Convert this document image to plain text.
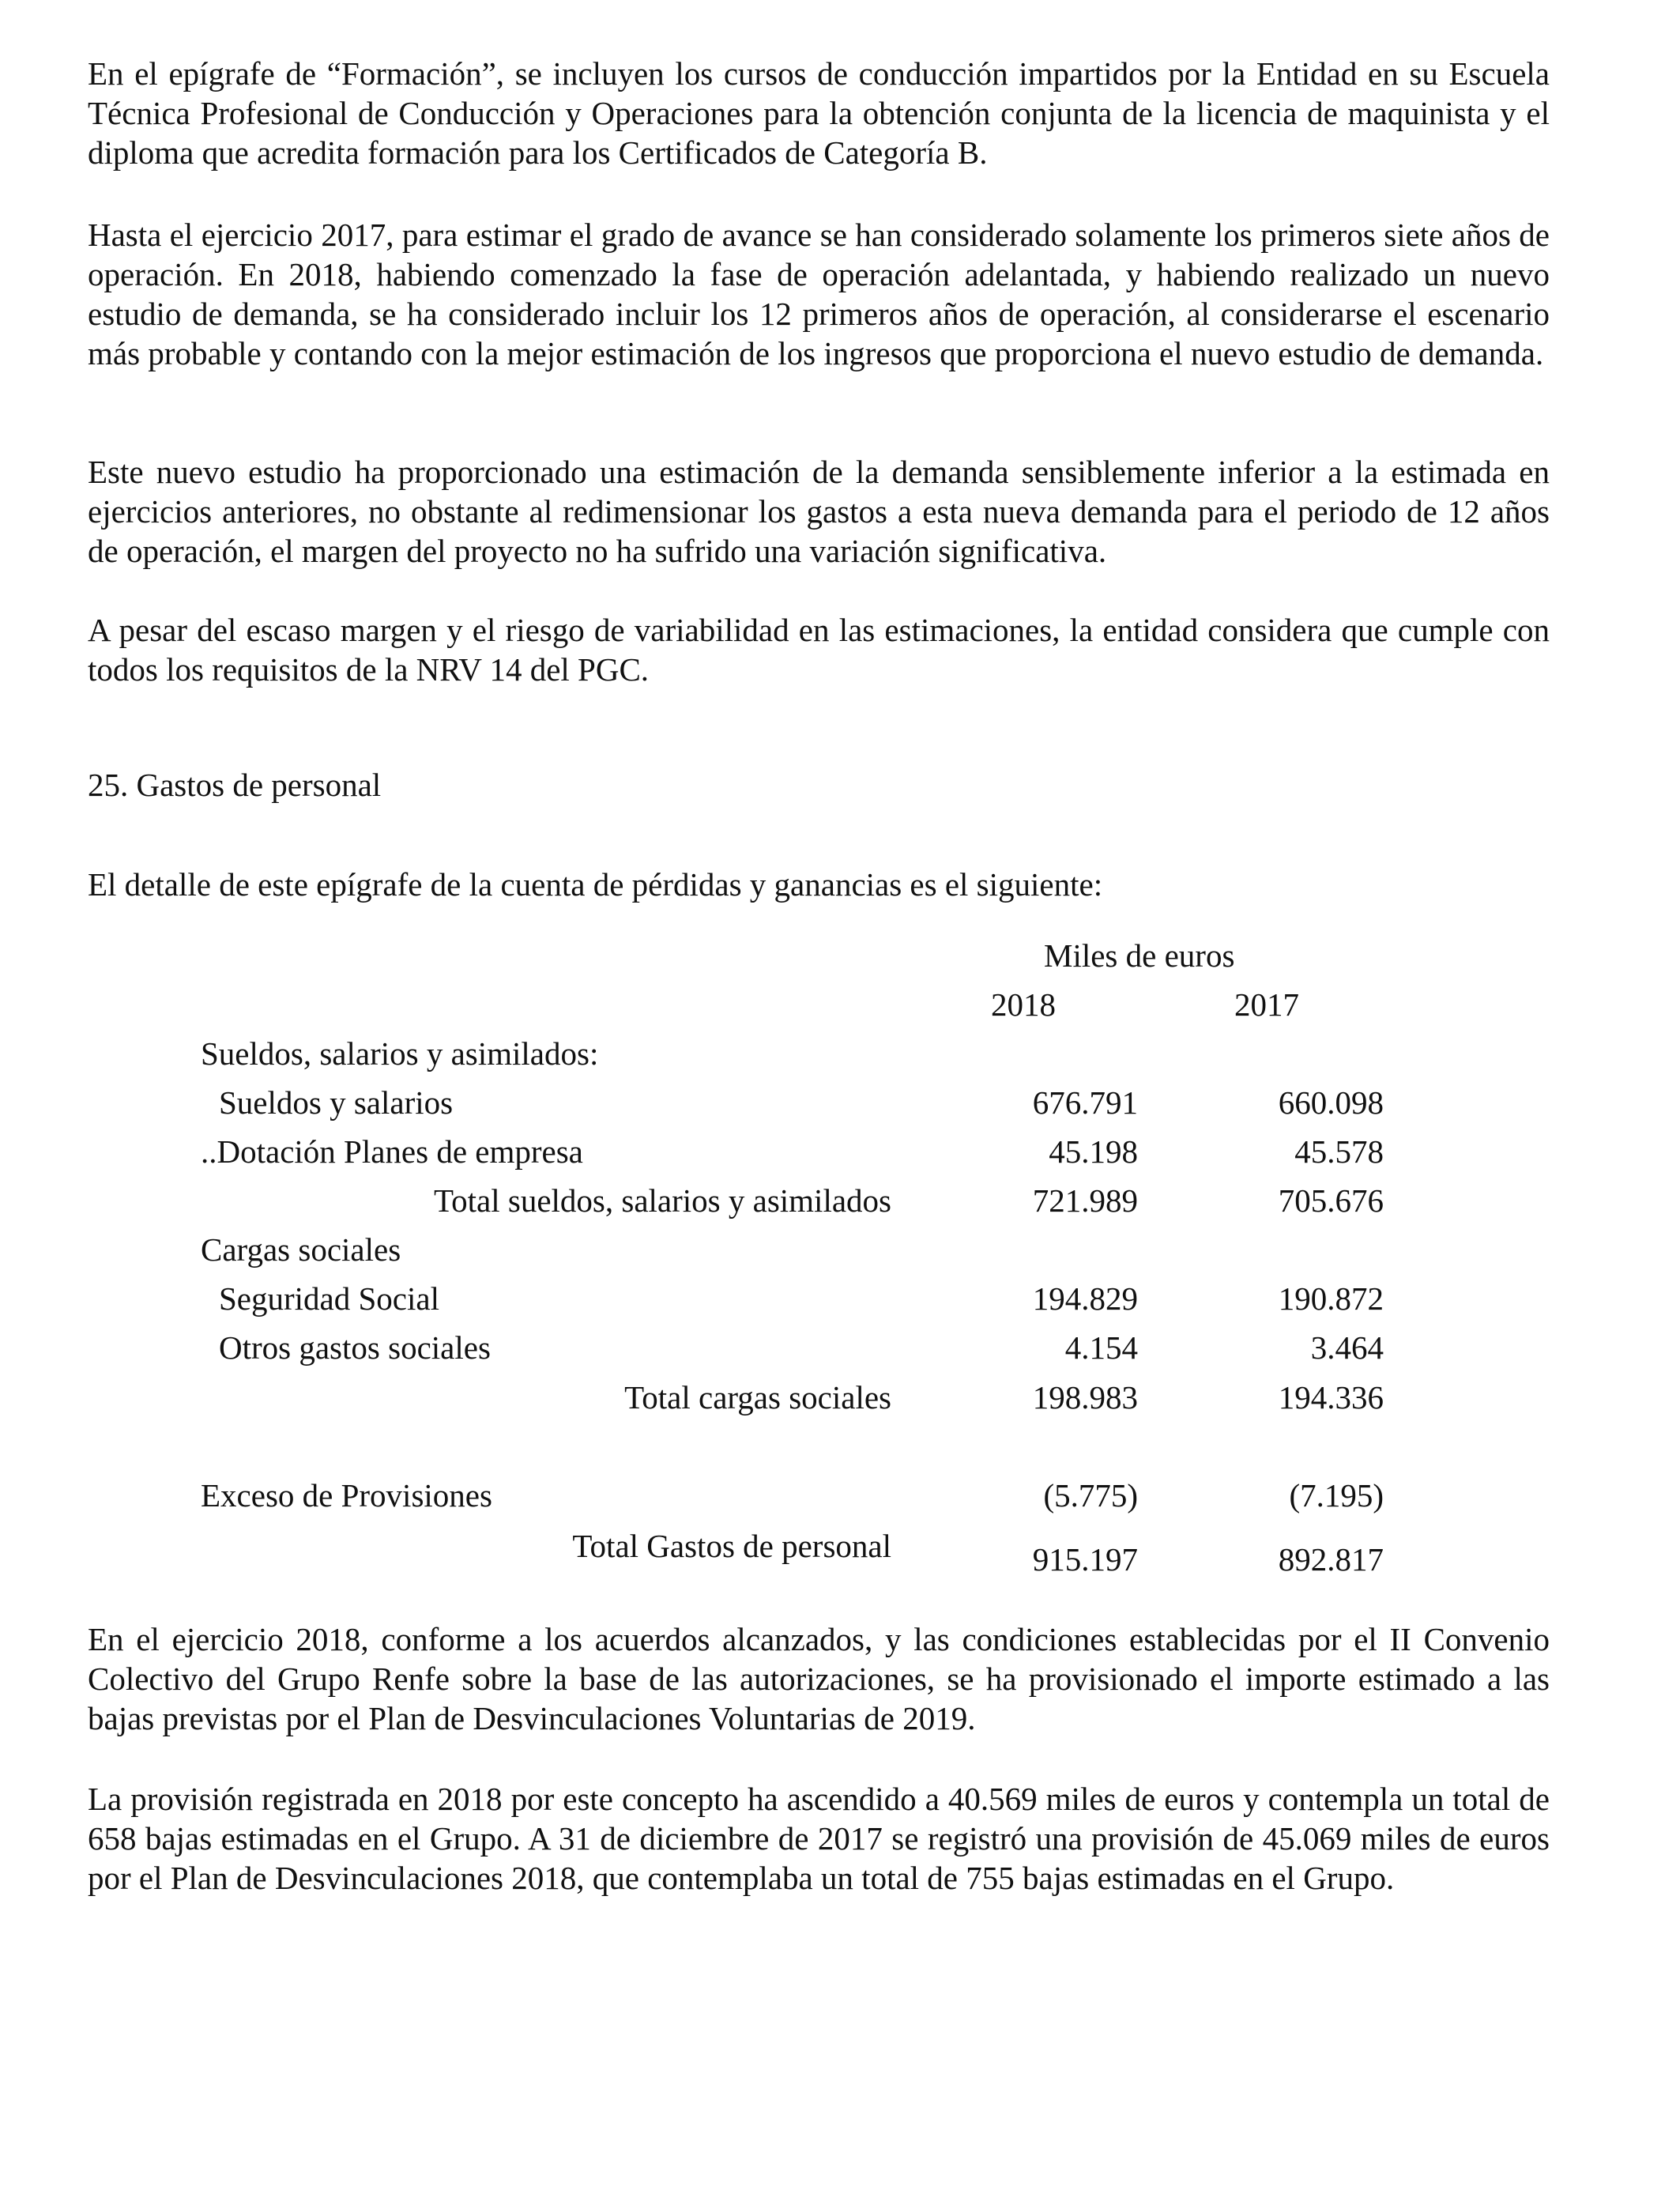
En el epígrafe de “Formación”, se incluyen los cursos de conducción impartidos por la Entidad en su Escuela Técnica Profesional de Conducción y Operaciones para la obtención conjunta de la licencia de maquinista y el diploma que acredita formación para los Certificados de Categoría B.

Hasta el ejercicio 2017, para estimar el grado de avance se han considerado solamente los primeros siete años de operación. En 2018, habiendo comenzado la fase de operación adelantada, y habiendo realizado un nuevo estudio de demanda, se ha considerado incluir los 12 primeros años de operación, al considerarse el escenario más probable y contando con la mejor estimación de los ingresos que proporciona el nuevo estudio de demanda.

Este nuevo estudio ha proporcionado una estimación de la demanda sensiblemente inferior a la estimada en ejercicios anteriores, no obstante al redimensionar los gastos a esta nueva demanda para el periodo de 12 años de operación, el margen del proyecto no ha sufrido una variación significativa.

A pesar del escaso margen y el riesgo de variabilidad en las estimaciones, la entidad considera que cumple con todos los requisitos de la NRV 14 del PGC.

25. Gastos de personal
El detalle de este epígrafe de la cuenta de pérdidas y ganancias es el siguiente:
Miles de euros
2018	2017
Sueldos, salarios y asimilados:
Sueldos y salarios	676.791	660.098
..Dotación Planes de empresa	45.198	45.578
Total sueldos, salarios y asimilados	721.989	705.676
Cargas sociales
Seguridad Social	194.829	190.872
Otros gastos sociales	4.154	3.464
Total cargas sociales	198.983	194.336
Exceso de Provisiones	(5.775)	(7.195)
Total Gastos de personal	915.197	892.817

En el ejercicio 2018, conforme a los acuerdos alcanzados, y las condiciones establecidas por el II Convenio Colectivo del Grupo Renfe sobre la base de las autorizaciones, se ha provisionado el importe estimado a las bajas previstas por el Plan de Desvinculaciones Voluntarias de 2019.

La provisión registrada en 2018 por este concepto ha ascendido a 40.569 miles de euros y contempla un total de 658 bajas estimadas en el Grupo. A 31 de diciembre de 2017 se registró una provisión de 45.069 miles de euros por el Plan de Desvinculaciones 2018, que contemplaba un total de 755 bajas estimadas en el Grupo.
